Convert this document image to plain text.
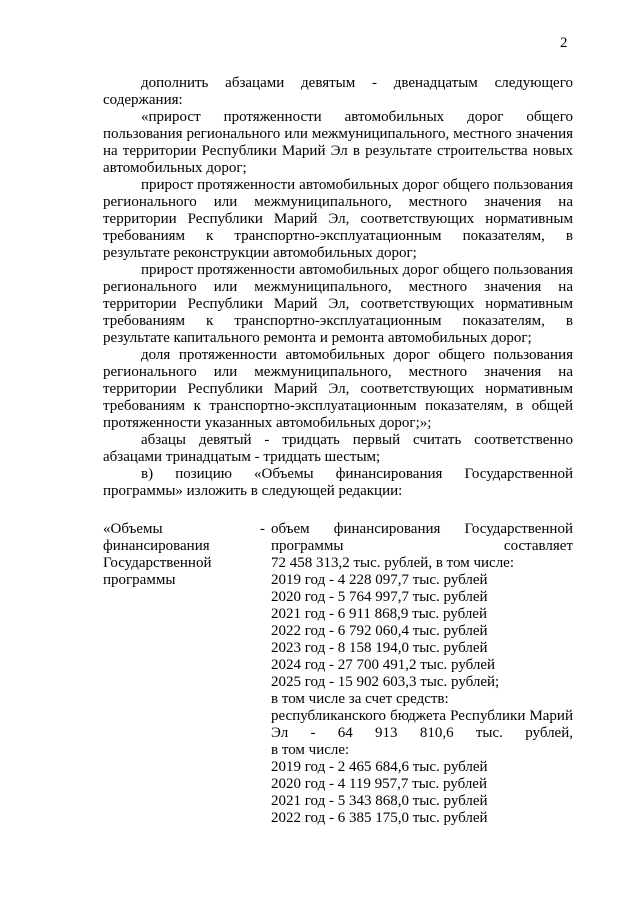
2

дополнить абзацами девятым - двенадцатым следующего содержания:

«прирост протяженности автомобильных дорог общего пользования регионального или межмуниципального, местного значения на территории Республики Марий Эл в результате строительства новых автомобильных дорог;

прирост протяженности автомобильных дорог общего пользования регионального или межмуниципального, местного значения на территории Республики Марий Эл, соответствующих нормативным требованиям к транспортно-эксплуатационным показателям, в результате реконструкции автомобильных дорог;

прирост протяженности автомобильных дорог общего пользования регионального или межмуниципального, местного значения на территории Республики Марий Эл, соответствующих нормативным требованиям к транспортно-эксплуатационным показателям, в результате капитального ремонта и ремонта автомобильных дорог;

доля протяженности автомобильных дорог общего пользования регионального или межмуниципального, местного значения на территории Республики Марий Эл, соответствующих нормативным требованиям к транспортно-эксплуатационным показателям, в общей протяженности указанных автомобильных дорог;»;

абзацы девятый - тридцать первый считать соответственно абзацами тринадцатым - тридцать шестым;

в) позицию «Объемы финансирования Государственной программы» изложить в следующей редакции:

«Объемы финансирования Государственной программы
- объем финансирования Государственной программы составляет
72 458 313,2 тыс. рублей, в том числе:
2019 год - 4 228 097,7 тыс. рублей
2020 год - 5 764 997,7 тыс. рублей
2021 год - 6 911 868,9 тыс. рублей
2022 год - 6 792 060,4 тыс. рублей
2023 год - 8 158 194,0 тыс. рублей
2024 год - 27 700 491,2 тыс. рублей
2025 год - 15 902 603,3 тыс. рублей;
в том числе за счет средств:
республиканского бюджета Республики Марий Эл - 64 913 810,6 тыс. рублей,
в том числе:
2019 год - 2 465 684,6 тыс. рублей
2020 год - 4 119 957,7 тыс. рублей
2021 год - 5 343 868,0 тыс. рублей
2022 год - 6 385 175,0 тыс. рублей
